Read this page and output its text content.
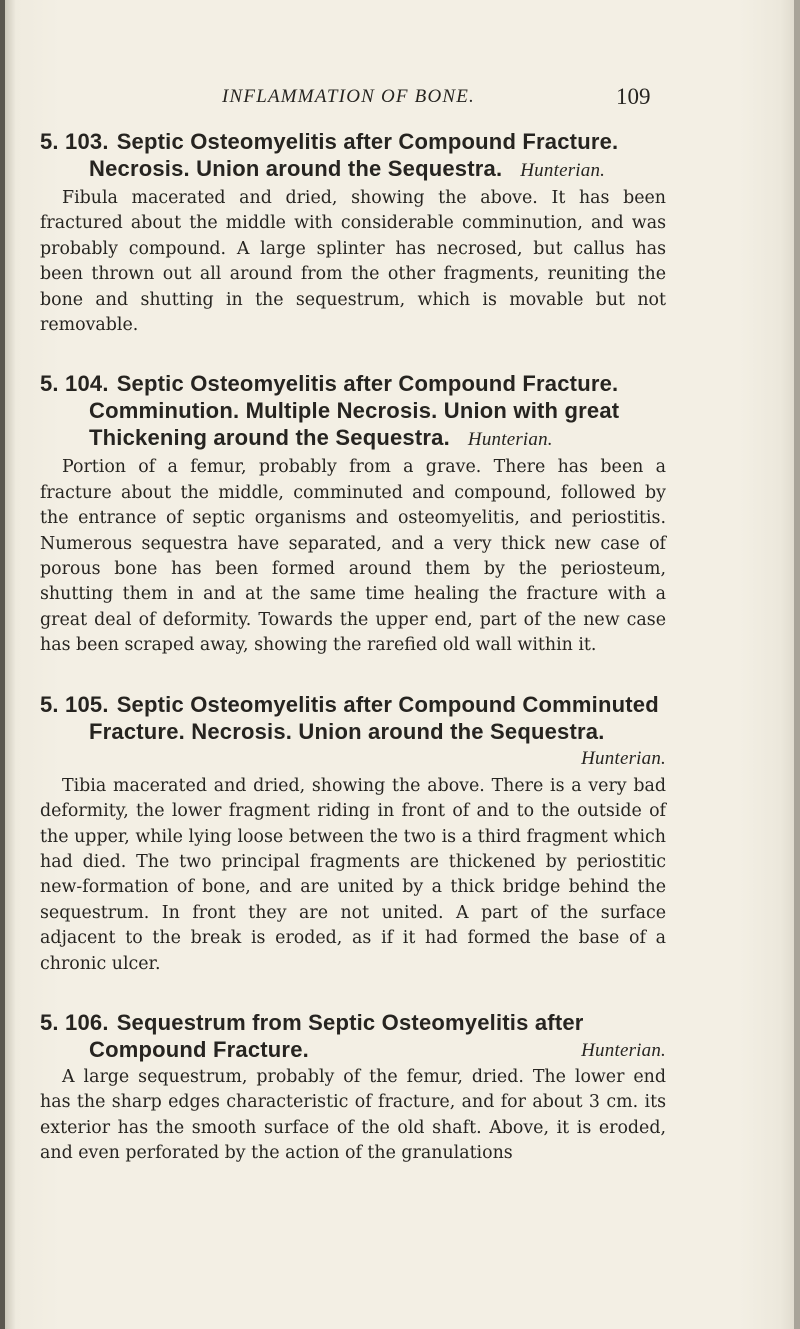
INFLAMMATION OF BONE.	109

5. 103. Septic Osteomyelitis after Compound Fracture. Necrosis. Union around the Sequestra. Hunterian.

Fibula macerated and dried, showing the above. It has been fractured about the middle with considerable comminution, and was probably compound. A large splinter has necrosed, but callus has been thrown out all around from the other fragments, reuniting the bone and shutting in the sequestrum, which is movable but not removable.

5. 104. Septic Osteomyelitis after Compound Fracture. Comminution. Multiple Necrosis. Union with great Thickening around the Sequestra. Hunterian.

Portion of a femur, probably from a grave. There has been a fracture about the middle, comminuted and compound, followed by the entrance of septic organisms and osteomyelitis, and periostitis. Numerous sequestra have separated, and a very thick new case of porous bone has been formed around them by the periosteum, shutting them in and at the same time healing the fracture with a great deal of deformity. Towards the upper end, part of the new case has been scraped away, showing the rarefied old wall within it.

5. 105. Septic Osteomyelitis after Compound Comminuted Fracture. Necrosis. Union around the Sequestra.
Hunterian.

Tibia macerated and dried, showing the above. There is a very bad deformity, the lower fragment riding in front of and to the outside of the upper, while lying loose between the two is a third fragment which had died. The two principal fragments are thickened by periostitic new-formation of bone, and are united by a thick bridge behind the sequestrum. In front they are not united. A part of the surface adjacent to the break is eroded, as if it had formed the base of a chronic ulcer.

5. 106. Sequestrum from Septic Osteomyelitis after Compound Fracture.	Hunterian.

A large sequestrum, probably of the femur, dried. The lower end has the sharp edges characteristic of fracture, and for about 3 cm. its exterior has the smooth surface of the old shaft. Above, it is eroded, and even perforated by the action of the granulations
